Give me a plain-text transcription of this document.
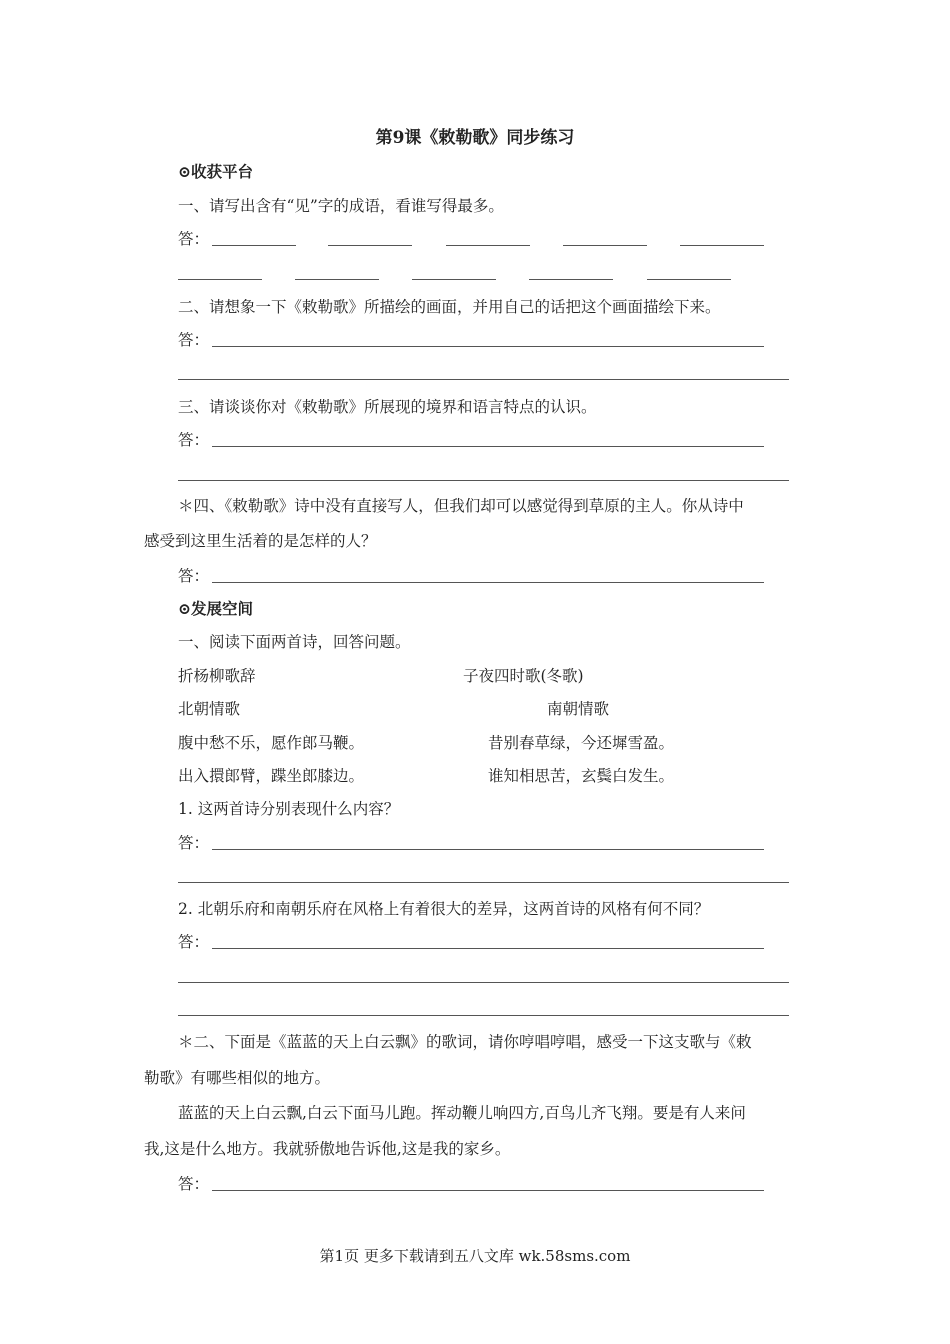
第9课《敕勒歌》同步练习
⊙收获平台
一、请写出含有“见”字的成语，看谁写得最多。
答：
二、请想象一下《敕勒歌》所描绘的画面，并用自己的话把这个画面描绘下来。
答：
三、请谈谈你对《敕勒歌》所展现的境界和语言特点的认识。
答：
＊四、《敕勒歌》诗中没有直接写人，但我们却可以感觉得到草原的主人。你从诗中
感受到这里生活着的是怎样的人？
答：
⊙发展空间
一、阅读下面两首诗，回答问题。
折杨柳歌辞	子夜四时歌(冬歌)
北朝情歌	南朝情歌
腹中愁不乐，愿作郎马鞭。	昔别春草绿，今还墀雪盈。
出入擐郎臂，蹀坐郎膝边。	谁知相思苦，玄鬓白发生。
1. 这两首诗分别表现什么内容？
答：
2. 北朝乐府和南朝乐府在风格上有着很大的差异，这两首诗的风格有何不同？
答：
＊二、下面是《蓝蓝的天上白云飘》的歌词，请你哼唱哼唱，感受一下这支歌与《敕
勒歌》有哪些相似的地方。
蓝蓝的天上白云飘,白云下面马儿跑。挥动鞭儿响四方,百鸟儿齐飞翔。要是有人来问
我,这是什么地方。我就骄傲地告诉他,这是我的家乡。
答：
第1页 更多下载请到五八文库 wk.58sms.com
